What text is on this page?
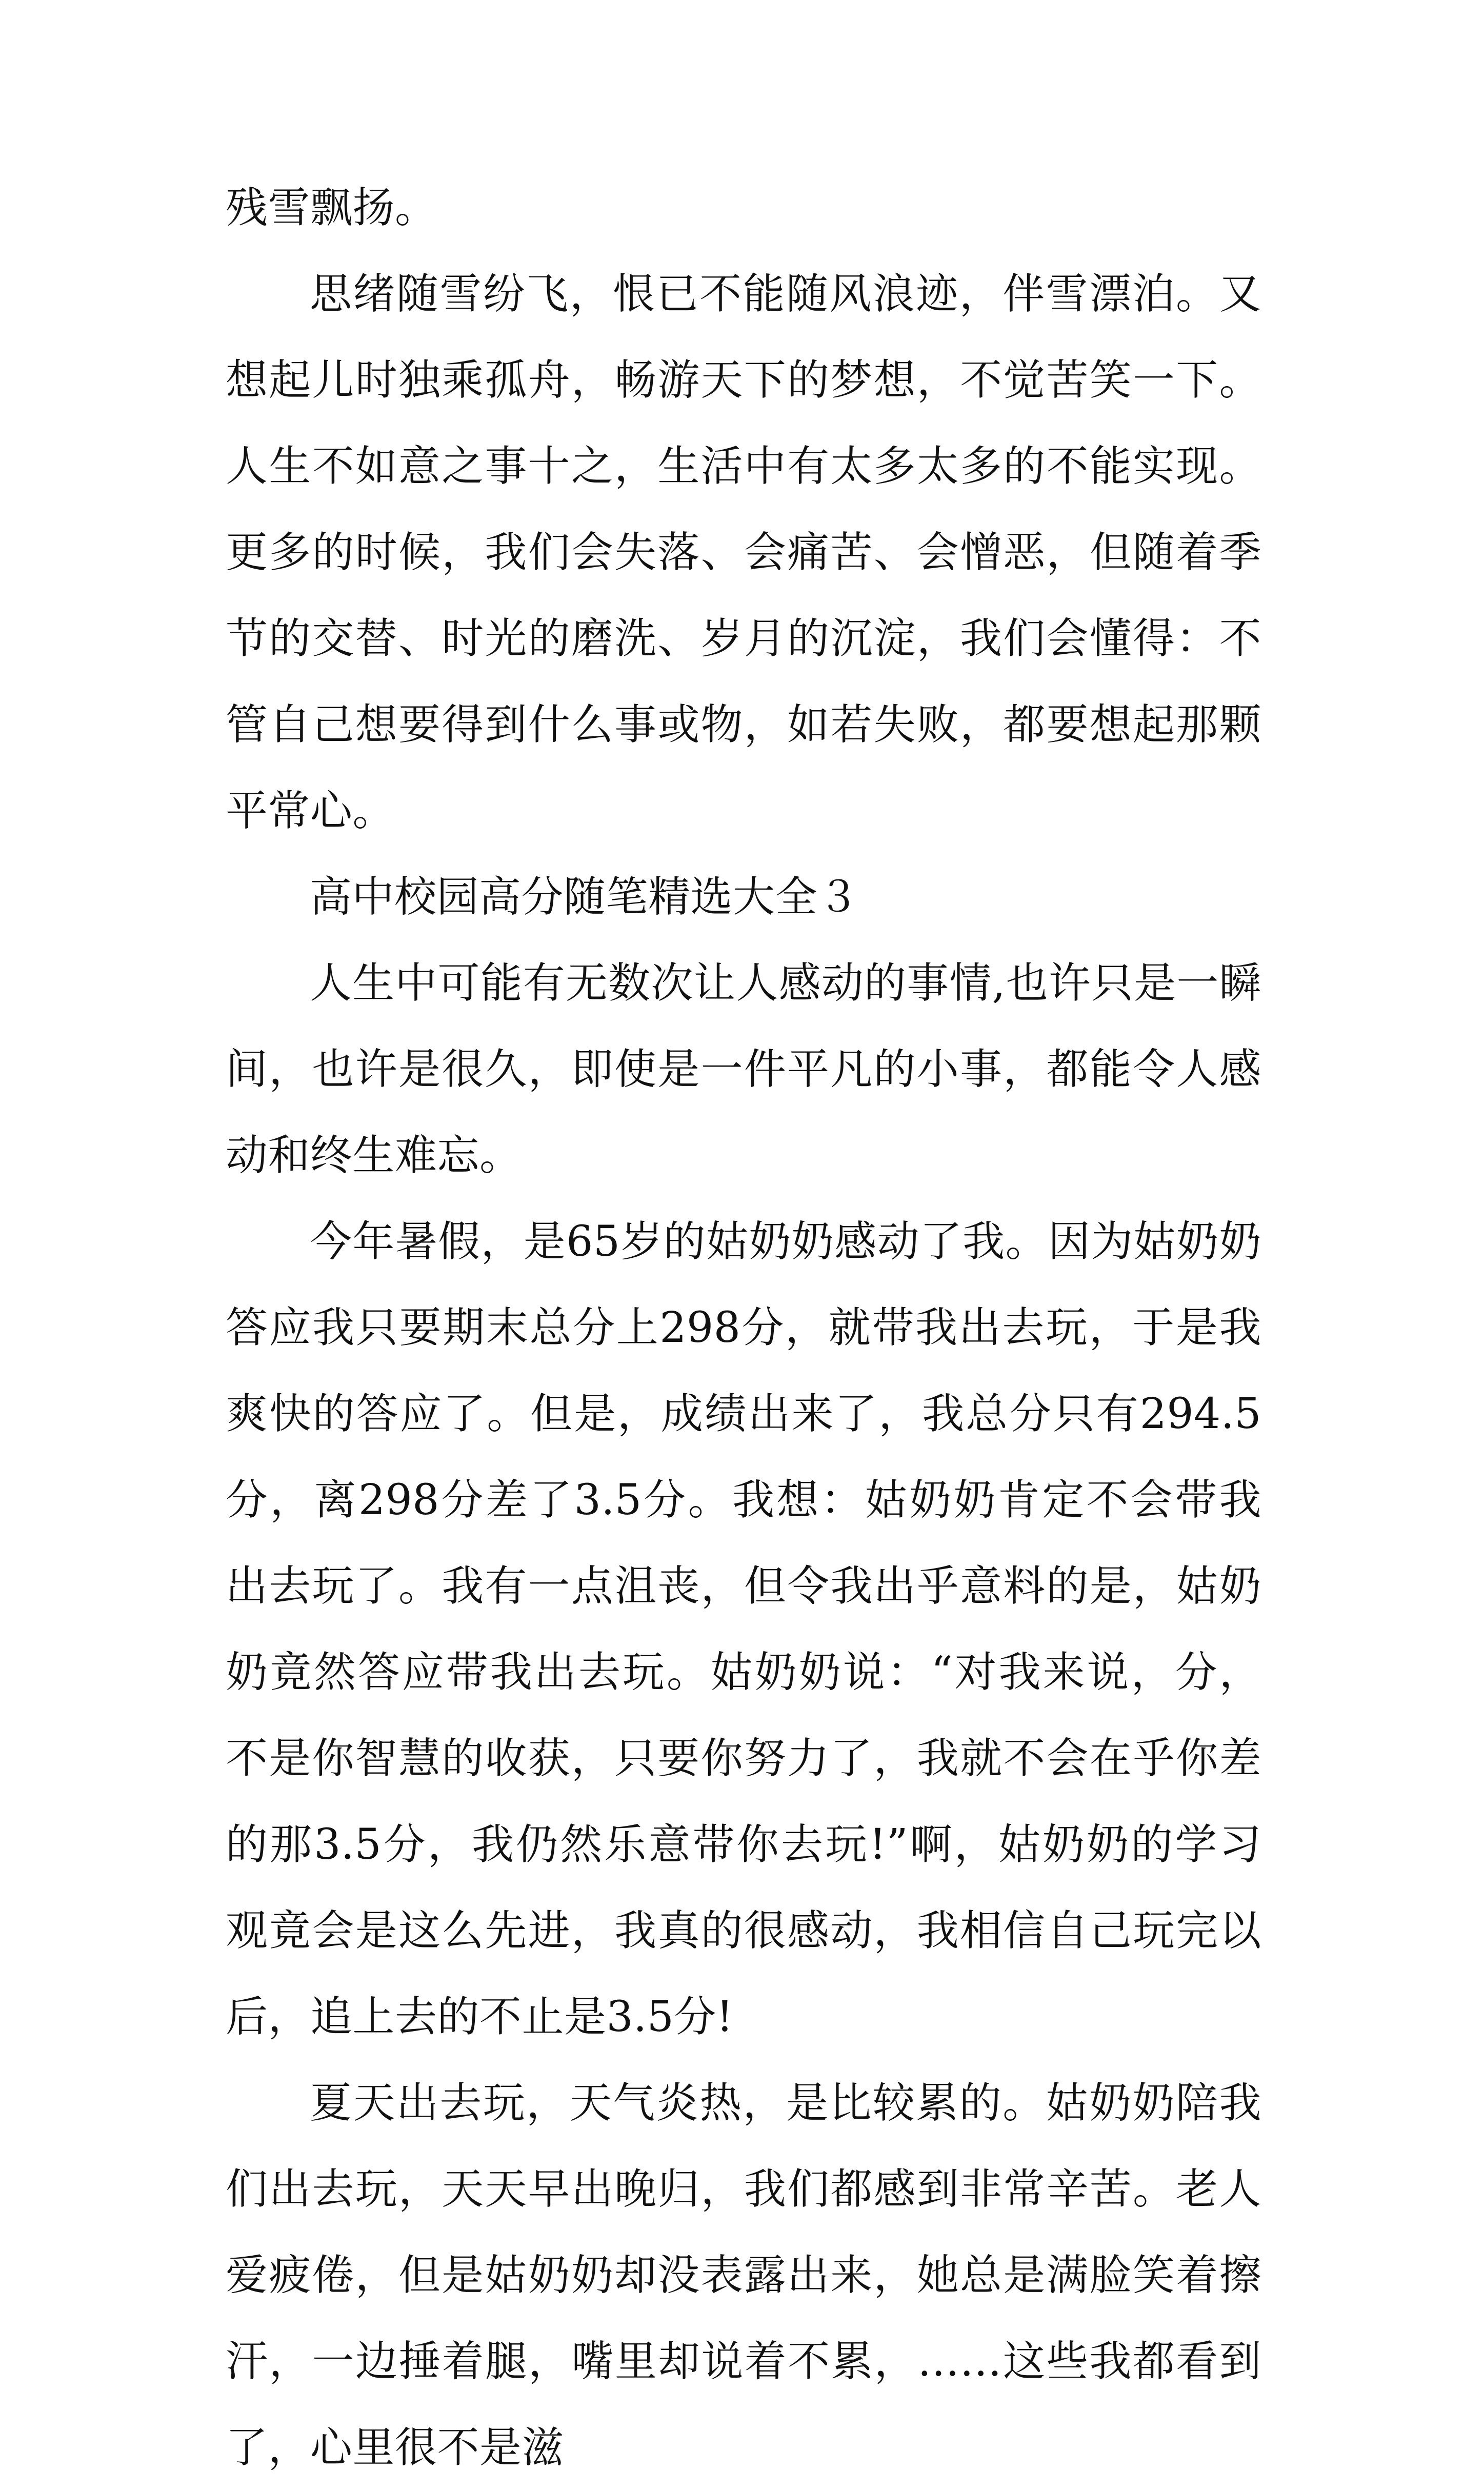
残雪飘扬。

思绪随雪纷飞，恨已不能随风浪迹，伴雪漂泊。又想起儿时独乘孤舟，畅游天下的梦想，不觉苦笑一下。人生不如意之事十之，生活中有太多太多的不能实现。更多的时候，我们会失落、会痛苦、会憎恶，但随着季节的交替、时光的磨洗、岁月的沉淀，我们会懂得：不管自己想要得到什么事或物，如若失败，都要想起那颗平常心。

高中校园高分随笔精选大全３

人生中可能有无数次让人感动的事情,也许只是一瞬间，也许是很久，即使是一件平凡的小事，都能令人感动和终生难忘。

今年暑假，是65岁的姑奶奶感动了我。因为姑奶奶答应我只要期末总分上298分，就带我出去玩，于是我爽快的答应了。但是，成绩出来了，我总分只有294.5分，离298分差了3.5分。我想：姑奶奶肯定不会带我出去玩了。我有一点沮丧，但令我出乎意料的是，姑奶奶竟然答应带我出去玩。姑奶奶说：“对我来说，分，不是你智慧的收获，只要你努力了，我就不会在乎你差的那3.5分，我仍然乐意带你去玩!”啊，姑奶奶的学习观竟会是这么先进，我真的很感动，我相信自己玩完以后，追上去的不止是3.5分!

夏天出去玩，天气炎热，是比较累的。姑奶奶陪我们出去玩，天天早出晚归，我们都感到非常辛苦。老人爱疲倦，但是姑奶奶却没表露出来，她总是满脸笑着擦汗，一边捶着腿，嘴里却说着不累，……这些我都看到了，心里很不是滋
